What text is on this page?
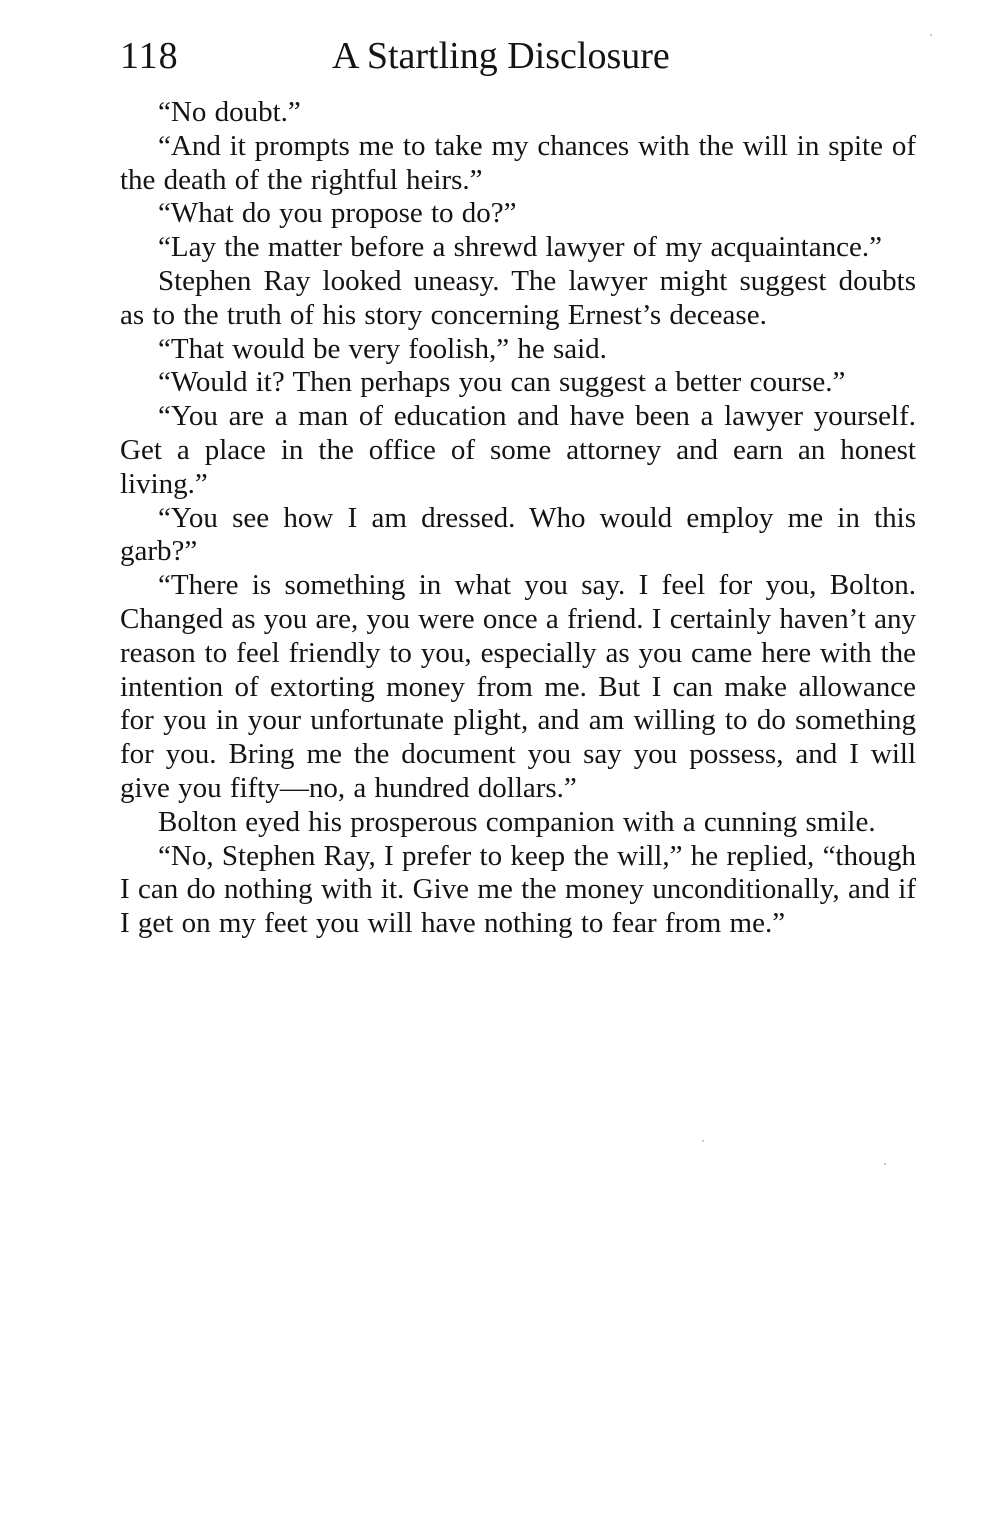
118	A Startling Disclosure

“No doubt.”

“And it prompts me to take my chances with the will in spite of the death of the rightful heirs.”

“What do you propose to do?”

“Lay the matter before a shrewd lawyer of my acquaintance.”

Stephen Ray looked uneasy. The lawyer might suggest doubts as to the truth of his story concerning Ernest’s decease.

“That would be very foolish,” he said.

“Would it? Then perhaps you can suggest a better course.”

“You are a man of education and have been a lawyer yourself. Get a place in the office of some attorney and earn an honest living.”

“You see how I am dressed. Who would employ me in this garb?”

“There is something in what you say. I feel for you, Bolton. Changed as you are, you were once a friend. I certainly haven’t any reason to feel friendly to you, especially as you came here with the intention of extorting money from me. But I can make allowance for you in your unfortunate plight, and am willing to do something for you. Bring me the document you say you possess, and I will give you fifty—no, a hundred dollars.”

Bolton eyed his prosperous companion with a cunning smile.

“No, Stephen Ray, I prefer to keep the will,” he replied, “though I can do nothing with it. Give me the money unconditionally, and if I get on my feet you will have nothing to fear from me.”
